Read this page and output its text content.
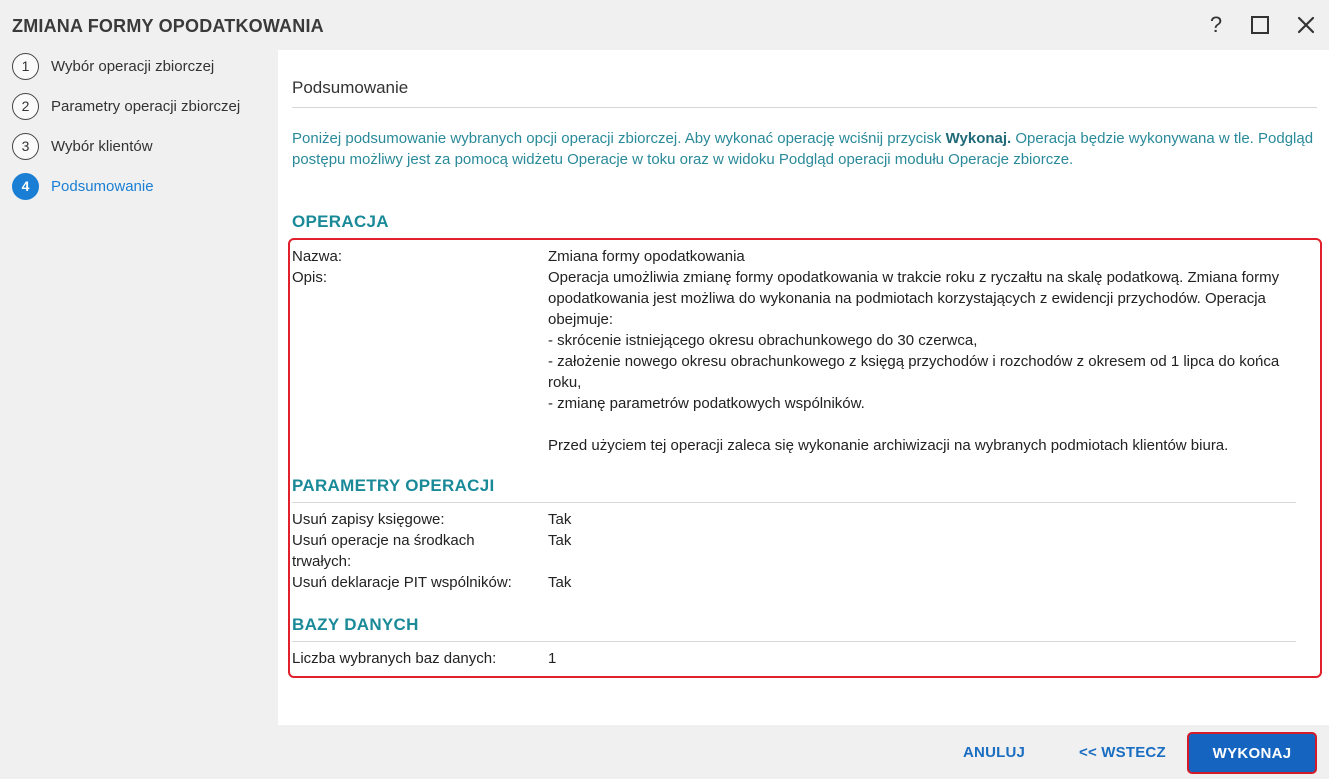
ZMIANA FORMY OPODATKOWANIA	?
1	Wybór operacji zbiorczej
2	Parametry operacji zbiorczej
3	Wybór klientów
4	Podsumowanie
Podsumowanie
Poniżej podsumowanie wybranych opcji operacji zbiorczej. Aby wykonać operację wciśnij przycisk Wykonaj. Operacja będzie wykonywana w tle. Podgląd postępu możliwy jest za pomocą widżetu Operacje w toku oraz w widoku Podgląd operacji modułu Operacje zbiorcze.
OPERACJA
Nazwa:	Zmiana formy opodatkowania
Opis:	Operacja umożliwia zmianę formy opodatkowania w trakcie roku z ryczałtu na skalę podatkową. Zmiana formy
opodatkowania jest możliwa do wykonania na podmiotach korzystających z ewidencji przychodów. Operacja
obejmuje:
- skrócenie istniejącego okresu obrachunkowego do 30 czerwca,
- założenie nowego okresu obrachunkowego z księgą przychodów i rozchodów z okresem od 1 lipca do końca
roku,
- zmianę parametrów podatkowych wspólników.
Przed użyciem tej operacji zaleca się wykonanie archiwizacji na wybranych podmiotach klientów biura.
PARAMETRY OPERACJI
Usuń zapisy księgowe:	Tak
Usuń operacje na środkach trwałych:
Tak
Usuń deklaracje PIT wspólników:	Tak
BAZY DANYCH
Liczba wybranych baz danych:	1
ANULUJ	<< WSTECZ	WYKONAJ
